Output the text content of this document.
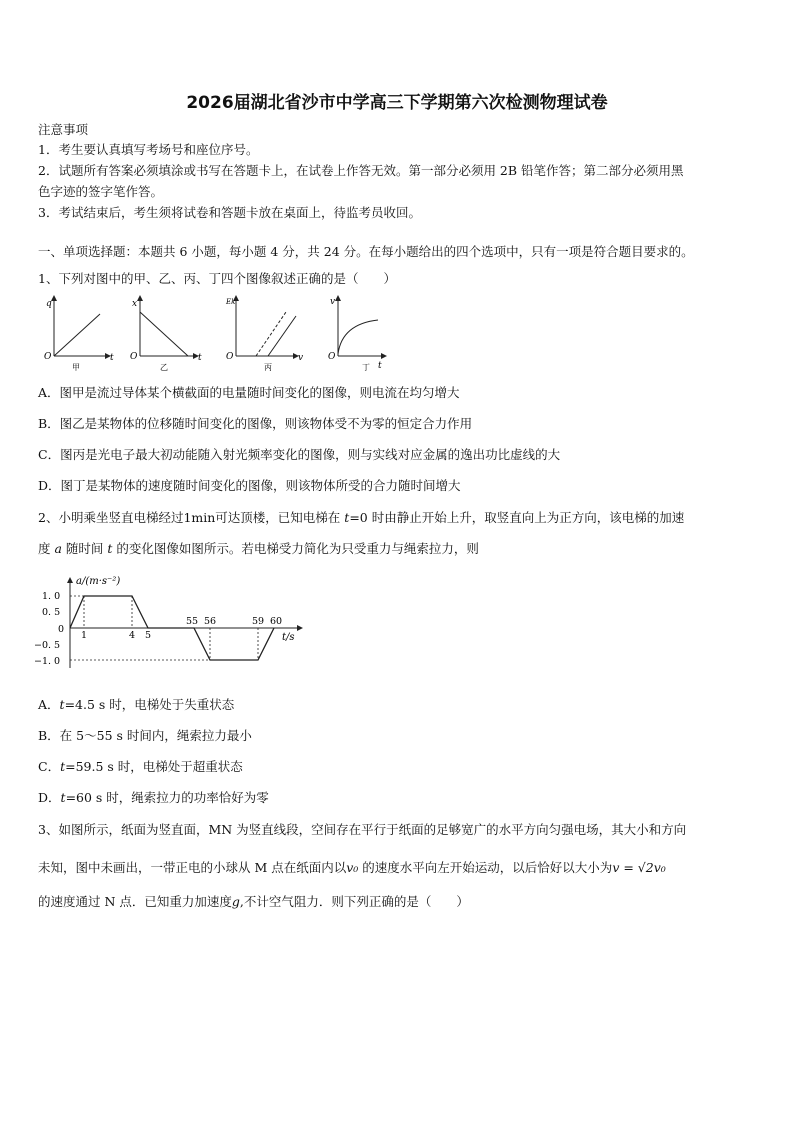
2026届湖北省沙市中学高三下学期第六次检测物理试卷
注意事项
1．考生要认真填写考场号和座位序号。
2．试题所有答案必须填涂或书写在答题卡上，在试卷上作答无效。第一部分必须用 2B 铅笔作答；第二部分必须用黑
色字迹的签字笔作答。
3．考试结束后，考生须将试卷和答题卡放在桌面上，待监考员收回。
一、单项选择题：本题共 6 小题，每小题 4 分，共 24 分。在每小题给出的四个选项中，只有一项是符合题目要求的。
1、下列对图中的甲、乙、丙、丁四个图像叙述正确的是（　　）
q
O	t
甲
x
O	t
乙
Ek
O	v
丙
v
O
t
丁
A．图甲是流过导体某个横截面的电量随时间变化的图像，则电流在均匀增大
B．图乙是某物体的位移随时间变化的图像，则该物体受不为零的恒定合力作用
C．图丙是光电子最大初动能随入射光频率变化的图像，则与实线对应金属的逸出功比虚线的大
D．图丁是某物体的速度随时间变化的图像，则该物体所受的合力随时间增大
2、小明乘坐竖直电梯经过1min可达顶楼，已知电梯在 t=0 时由静止开始上升，取竖直向上为正方向，该电梯的加速
度 a 随时间 t 的变化图像如图所示。若电梯受力简化为只受重力与绳索拉力，则
a/(m·s⁻²)
t/s
1. 0
0. 5
0
−0. 5
−1. 0
1	4 5
55 56	59 60
A．t=4.5 s 时，电梯处于失重状态
B．在 5～55 s 时间内，绳索拉力最小
C．t=59.5 s 时，电梯处于超重状态
D．t=60 s 时，绳索拉力的功率恰好为零
3、如图所示，纸面为竖直面，MN 为竖直线段，空间存在平行于纸面的足够宽广的水平方向匀强电场，其大小和方向
未知，图中未画出，一带正电的小球从 M 点在纸面内以v₀ 的速度水平向左开始运动，以后恰好以大小为v = √2v₀
的速度通过 N 点．已知重力加速度g,不计空气阻力．则下列正确的是（　　）
